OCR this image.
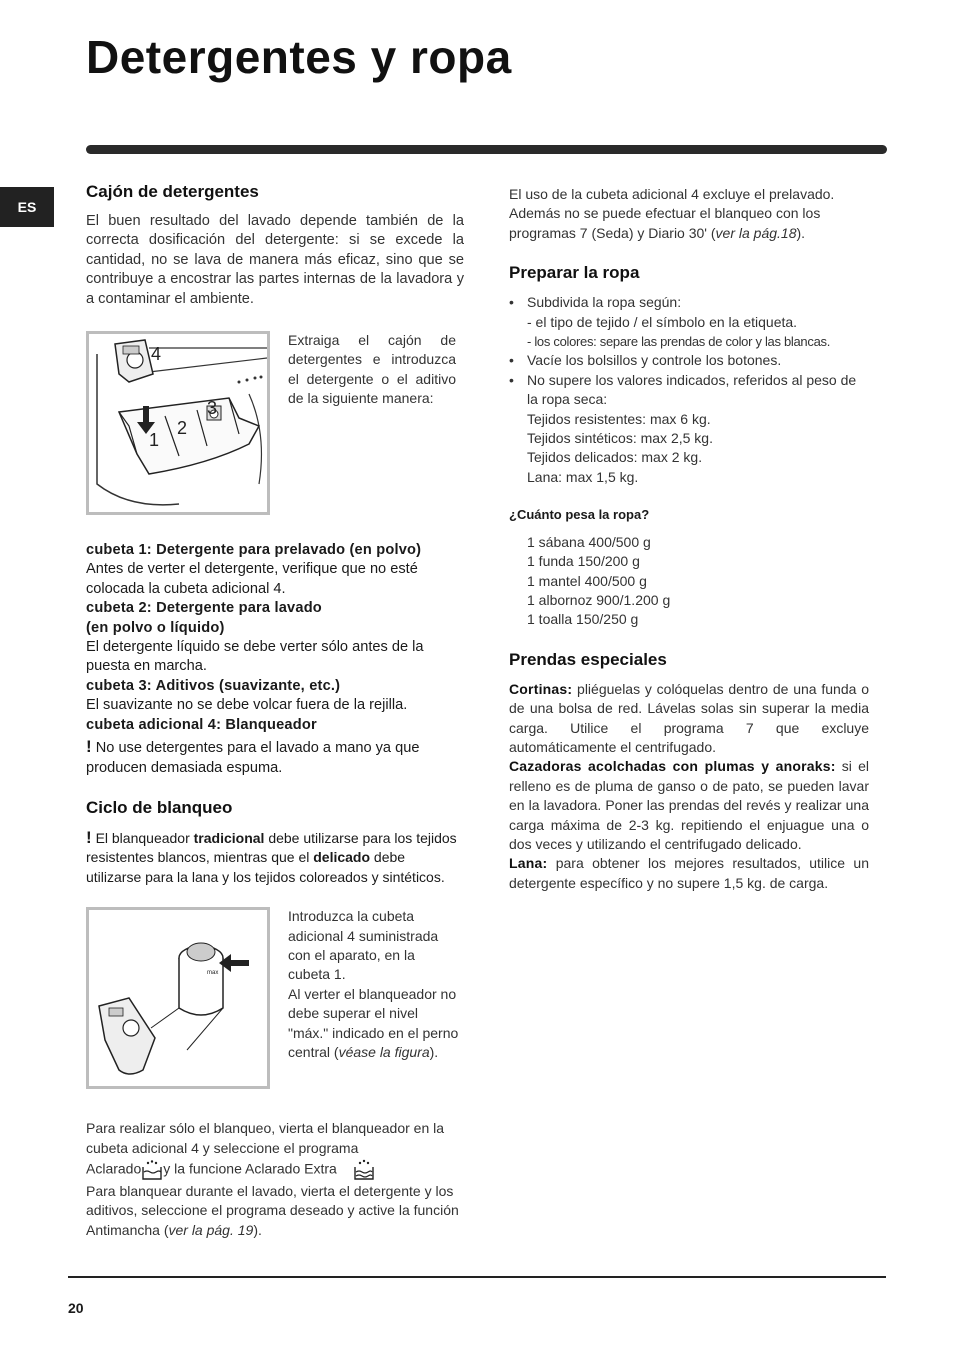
Detergentes y ropa
ES
Cajón de detergentes

El buen resultado del lavado depende también de la correcta dosificación del detergente: si se excede la cantidad, no se lava de manera más eficaz, sino que se contribuye a encostrar las partes internas de la lavadora y a contaminar el ambiente.

4
1
2
3

Extraiga el cajón de detergentes e introduzca el detergente o el aditivo de la siguiente manera:

cubeta 1: Detergente para prelavado (en polvo)

Antes de verter el detergente, verifique que no esté colocada la cubeta adicional 4.

cubeta 2: Detergente para lavado

(en polvo o líquido)

El detergente líquido se debe verter sólo antes de la puesta en marcha.

cubeta 3: Aditivos (suavizante, etc.)

El suavizante no se debe volcar fuera de la rejilla.

cubeta adicional 4: Blanqueador

! No use detergentes para el lavado a mano ya que producen demasiada espuma.

Ciclo de blanqueo

! El blanqueador tradicional debe utilizarse para los tejidos resistentes blancos, mientras que el delicado debe utilizarse para la lana y los tejidos coloreados y sintéticos.

max

Introduzca la cubeta adicional 4 suministrada con el aparato, en la cubeta 1.
Al verter el blanqueador no debe superar el nivel "máx." indicado en el perno central (véase la figura).

Para realizar sólo el blanqueo, vierta el blanqueador en la cubeta adicional 4 y seleccione el programa
Aclarado y la funcione Aclarado Extra

Para blanquear durante el lavado, vierta el detergente y los aditivos, seleccione el programa deseado y active la función Antimancha (ver la pág. 19).

El uso de la cubeta adicional 4 excluye el prelavado. Además no se puede efectuar el blanqueo con los programas 7 (Seda) y Diario 30' (ver la pág.18).

Preparar la ropa
• Subdivida la ropa según:
- el tipo de tejido / el símbolo en la etiqueta.
- los colores: separe las prendas de color y las blancas.
• Vacíe los bolsillos y controle los botones.
• No supere los valores indicados, referidos al peso de la ropa seca:
Tejidos resistentes: max 6 kg.
Tejidos sintéticos: max 2,5 kg.
Tejidos delicados: max 2 kg.
Lana: max 1,5 kg.

¿Cuánto pesa la ropa?

1 sábana 400/500 g
1 funda 150/200 g
1 mantel 400/500 g
1 albornoz 900/1.200 g
1 toalla 150/250 g
Prendas especiales

Cortinas: pliéguelas y colóquelas dentro de una funda o de una bolsa de red. Lávelas solas sin superar la media carga. Utilice el programa 7 que excluye automáticamente el centrifugado.

Cazadoras acolchadas con plumas y anoraks: si el relleno es de pluma de ganso o de pato, se pueden lavar en la lavadora. Poner las prendas del revés y realizar una carga máxima de 2-3 kg. repitiendo el enjuague una o dos veces y utilizando el centrifugado delicado.

Lana: para obtener los mejores resultados, utilice un detergente específico y no supere 1,5 kg. de carga.

20
